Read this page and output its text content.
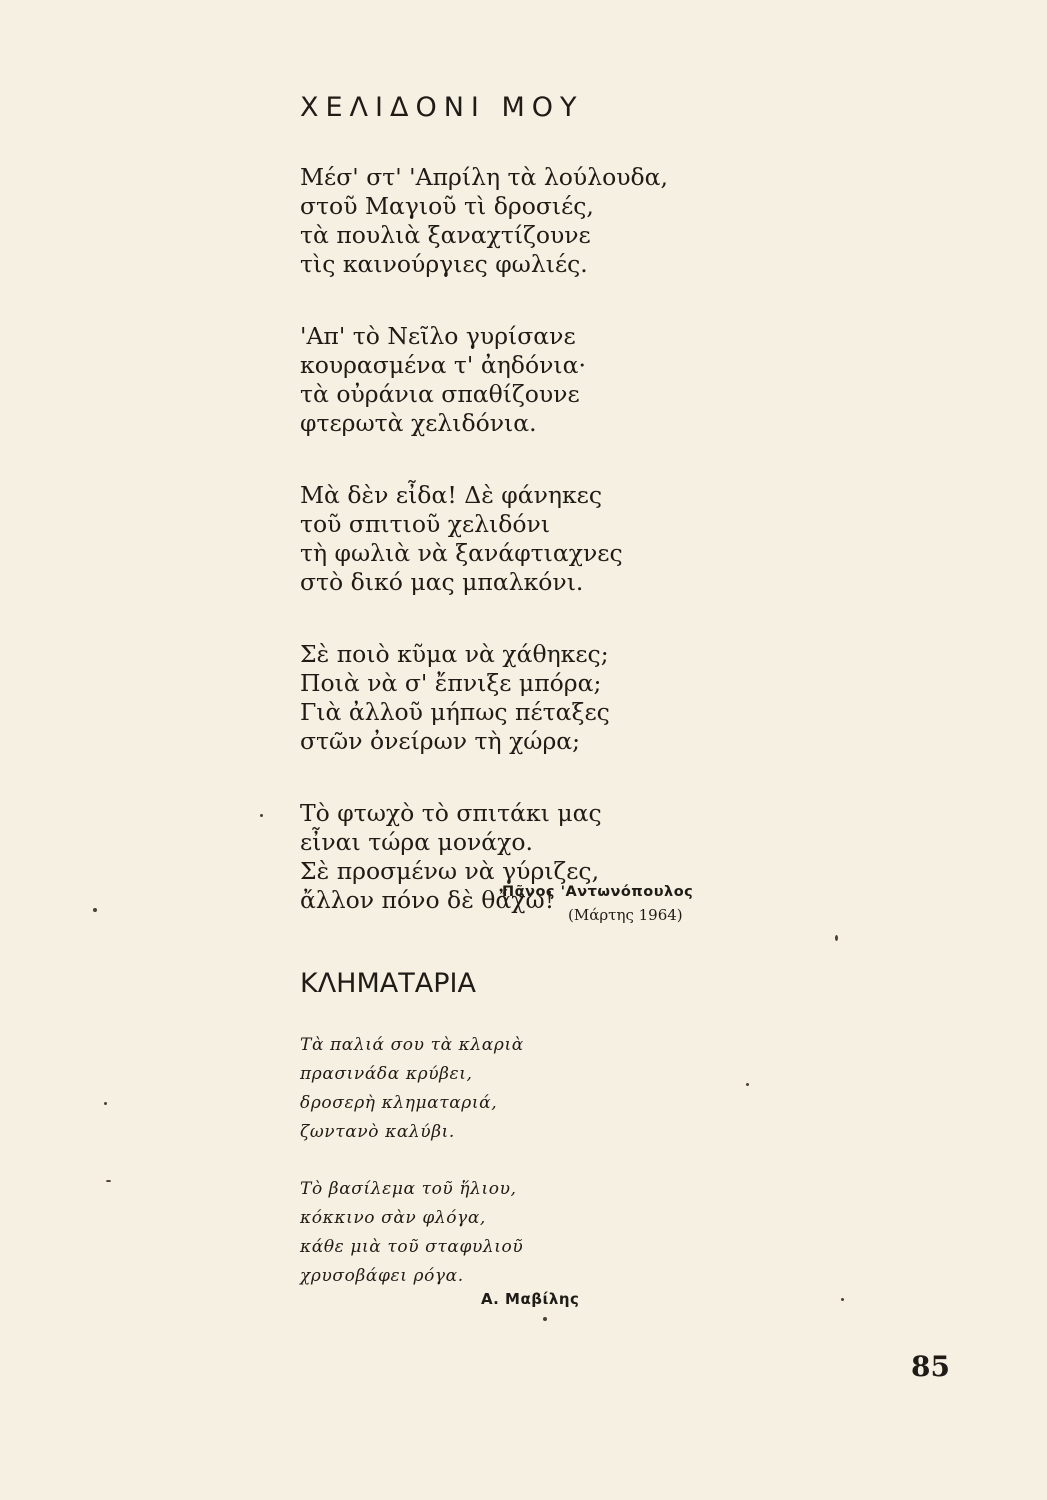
ΧΕΛΙΔΟΝΙ ΜΟΥ
Μέσ' στ' 'Απρίλη τὰ λούλουδα,
στοῦ Μαγιοῦ τὶ δροσιές,
τὰ πουλιὰ ξαναχτίζουνε
τὶς καινούργιες φωλιές.
'Απ' τὸ Νεῖλο γυρίσανε
κουρασμένα τ' ἀηδόνια·
τὰ οὐράνια σπαθίζουνε
φτερωτὰ χελιδόνια.
Μὰ δὲν εἶδα! Δὲ φάνηκες
τοῦ σπιτιοῦ χελιδόνι
τὴ φωλιὰ νὰ ξανάφτιαχνες
στὸ δικό μας μπαλκόνι.
Σὲ ποιὸ κῦμα νὰ χάθηκες;
Ποιὰ νὰ σ' ἔπνιξε μπόρα;
Γιὰ ἀλλοῦ μήπως πέταξες
στῶν ὀνείρων τὴ χώρα;
Τὸ φτωχὸ τὸ σπιτάκι μας
εἶναι τώρα μονάχο.
Σὲ προσμένω νὰ γύριζες,
ἄλλον πόνο δὲ θἄχω!
Πᾶνος 'Αντωνόπουλος
(Μάρτης 1964)
ΚΛΗΜΑΤΑΡΙΑ
Τὰ παλιά σου τὰ κλαριὰ
πρασινάδα κρύβει,
δροσερὴ κληματαριά,
ζωντανὸ καλύβι.
Τὸ βασίλεμα τοῦ ἥλιου,
κόκκινο σὰν φλόγα,
κάθε μιὰ τοῦ σταφυλιοῦ
χρυσοβάφει ρόγα.
Α. Μαβίλης
85
